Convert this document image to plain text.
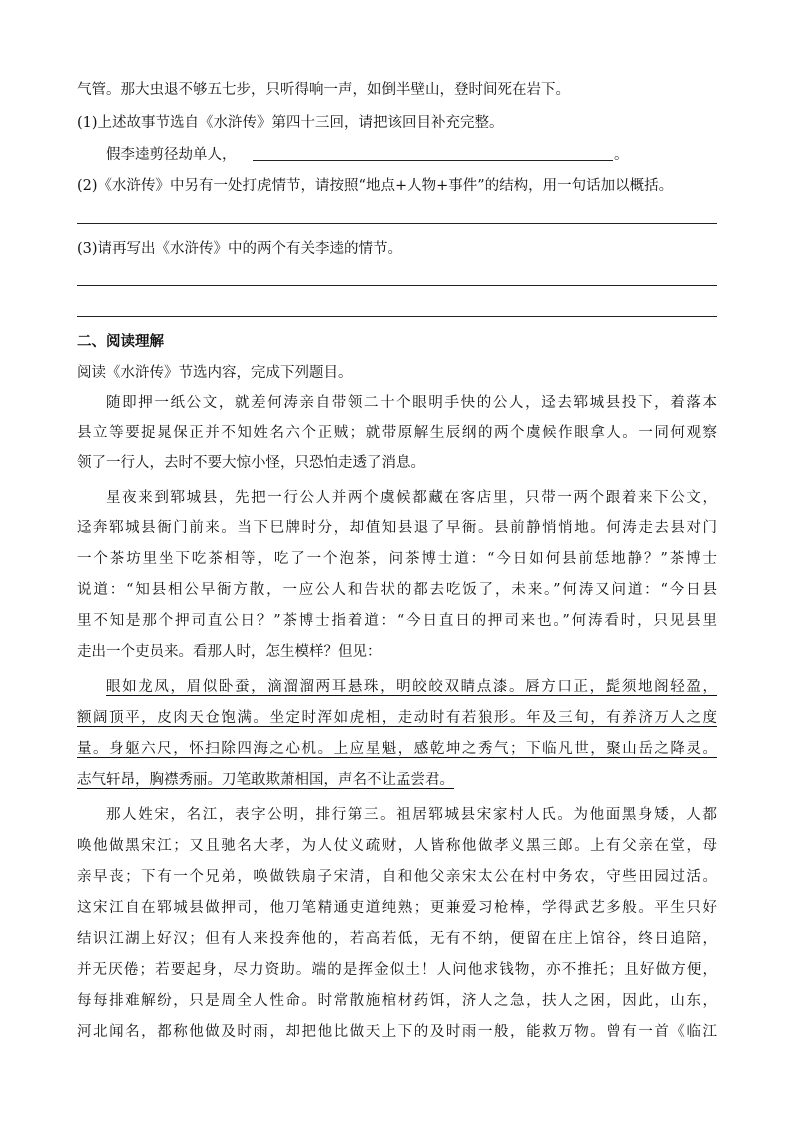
气管。那大虫退不够五七步，只听得响一声，如倒半壁山，登时间死在岩下。
(1)上述故事节选自《水浒传》第四十三回，请把该回目补充完整。
假李逵剪径劫单人，	。
(2)《水浒传》中另有一处打虎情节，请按照“地点+人物+事件”的结构，用一句话加以概括。
(3)请再写出《水浒传》中的两个有关李逵的情节。
二、阅读理解
阅读《水浒传》节选内容，完成下列题目。
随即押一纸公文，就差何涛亲自带领二十个眼明手快的公人，迳去郓城县投下，着落本
县立等要捉晁保正并不知姓名六个正贼；就带原解生辰纲的两个虞候作眼拿人。一同何观察
领了一行人，去时不要大惊小怪，只恐怕走透了消息。
星夜来到郓城县，先把一行公人并两个虞候都藏在客店里，只带一两个跟着来下公文，
迳奔郓城县衙门前来。当下巳牌时分，却值知县退了早衙。县前静悄悄地。何涛走去县对门
一个茶坊里坐下吃茶相等，吃了一个泡茶，问茶博士道：“今日如何县前恁地静？”茶博士
说道：“知县相公早衙方散，一应公人和告状的都去吃饭了，未来。”何涛又问道：“今日县
里不知是那个押司直公日？”茶博士指着道：“今日直日的押司来也。”何涛看时，只见县里
走出一个吏员来。看那人时，怎生模样？但见：
眼如龙凤，眉似卧蚕，滴溜溜两耳悬珠，明皎皎双睛点漆。唇方口正，髭须地阁轻盈，
额阔顶平，皮肉天仓饱满。坐定时浑如虎相，走动时有若狼形。年及三旬，有养济万人之度
量。身躯六尺，怀扫除四海之心机。上应星魁，感乾坤之秀气；下临凡世，聚山岳之降灵。
志气轩昂，胸襟秀丽。刀笔敢欺萧相国，声名不让孟尝君。
那人姓宋，名江，表字公明，排行第三。祖居郓城县宋家村人氏。为他面黑身矮，人都
唤他做黑宋江；又且驰名大孝，为人仗义疏财，人皆称他做孝义黑三郎。上有父亲在堂，母
亲早丧；下有一个兄弟，唤做铁扇子宋清，自和他父亲宋太公在村中务农，守些田园过活。
这宋江自在郓城县做押司，他刀笔精通吏道纯熟；更兼爱习枪棒，学得武艺多般。平生只好
结识江湖上好汉；但有人来投奔他的，若高若低，无有不纳，便留在庄上馆谷，终日追陪，
并无厌倦；若要起身，尽力资助。端的是挥金似土！人问他求钱物，亦不推托；且好做方便，
每每排难解纷，只是周全人性命。时常散施棺材药饵，济人之急，扶人之困，因此，山东，
河北闻名，都称他做及时雨，却把他比做天上下的及时雨一般，能救万物。曾有一首《临江
